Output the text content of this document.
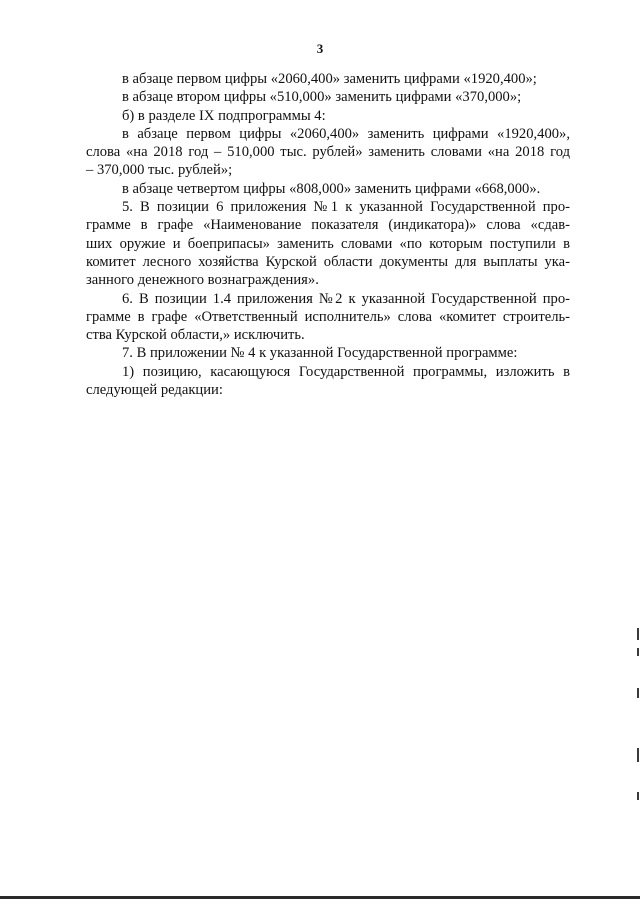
3

в абзаце первом цифры «2060,400» заменить цифрами «1920,400»;

в абзаце втором цифры «510,000» заменить цифрами «370,000»;

б) в разделе IX подпрограммы 4:

в абзаце первом цифры «2060,400» заменить цифрами «1920,400»,
слова «на 2018 год – 510,000 тыс. рублей» заменить словами «на 2018 год
– 370,000 тыс. рублей»;

в абзаце четвертом цифры «808,000» заменить цифрами «668,000».

5. В позиции 6 приложения №1 к указанной Государственной про-
грамме в графе «Наименование показателя (индикатора)» слова «сдав-
ших оружие и боеприпасы» заменить словами «по которым поступили в
комитет лесного хозяйства Курской области документы для выплаты ука-
занного денежного вознаграждения».
6. В позиции 1.4 приложения №2 к указанной Государственной про-
грамме в графе «Ответственный исполнитель» слова «комитет строитель-
ства Курской области,» исключить.

7. В приложении № 4 к указанной Государственной программе:

1) позицию, касающуюся Государственной программы, изложить в
следующей редакции:
